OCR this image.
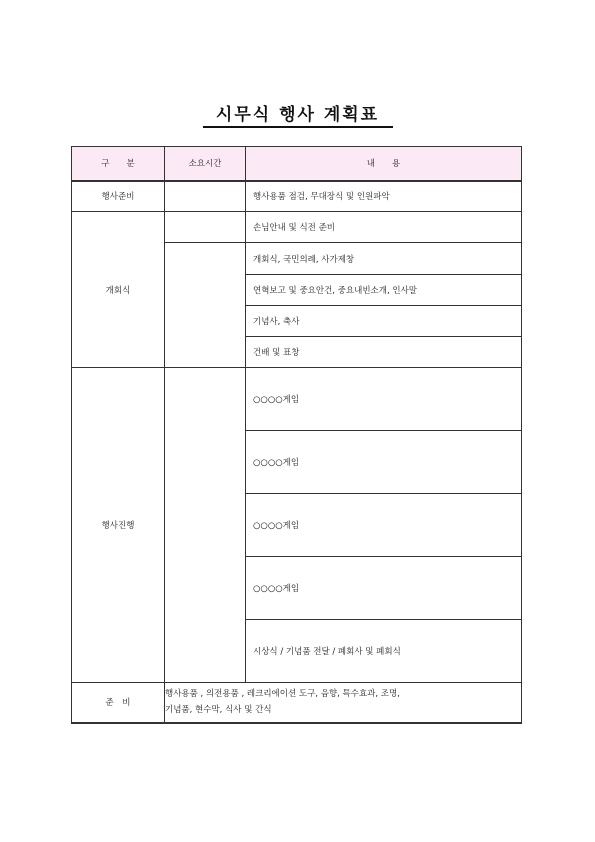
시무식 행사 계획표
구　　분	소요시간	내　　용
행사준비		행사용품 점검, 무대장식 및 인원파악
개회식		손님안내 및 식전 준비
		개회식, 국민의례, 사가제창
		연혁보고 및 중요안건, 중요내빈소개, 인사말
		기념사, 축사
		건배 및 표창
행사진행		○○○○게임
		○○○○게임
		○○○○게임
		○○○○게임
		시상식 / 기념품 전달 / 폐회사 및 폐회식
준　비	행사용품 , 의전용품 , 레크리에이션 도구, 음향, 특수효과, 조명,
기념품, 현수막, 식사 및 간식	
